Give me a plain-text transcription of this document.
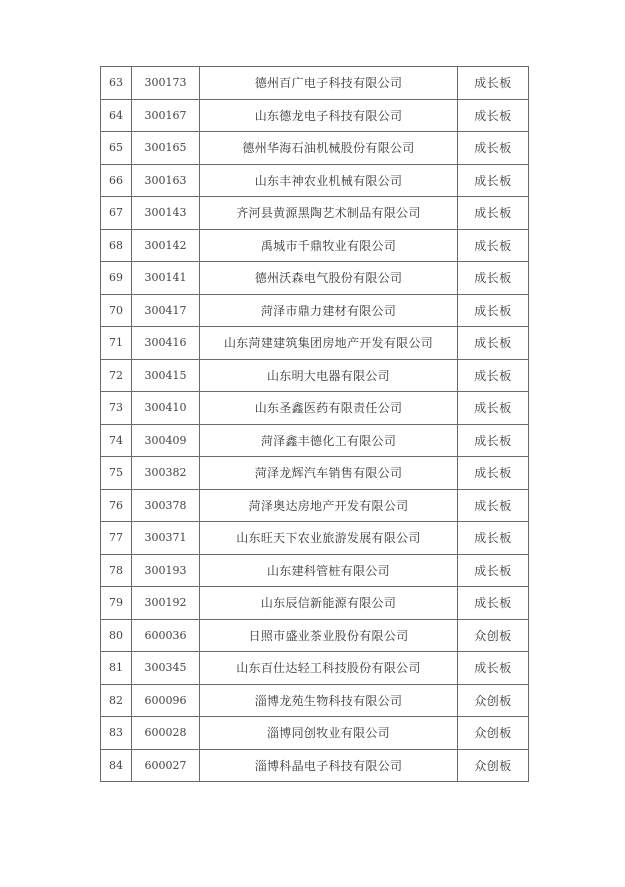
63	300173	德州百广电子科技有限公司	成长板
64	300167	山东德龙电子科技有限公司	成长板
65	300165	德州华海石油机械股份有限公司	成长板
66	300163	山东丰神农业机械有限公司	成长板
67	300143	齐河县黄源黑陶艺术制品有限公司	成长板
68	300142	禹城市千鼎牧业有限公司	成长板
69	300141	德州沃森电气股份有限公司	成长板
70	300417	菏泽市鼎力建材有限公司	成长板
71	300416	山东菏建建筑集团房地产开发有限公司	成长板
72	300415	山东明大电器有限公司	成长板
73	300410	山东圣鑫医药有限责任公司	成长板
74	300409	菏泽鑫丰德化工有限公司	成长板
75	300382	菏泽龙辉汽车销售有限公司	成长板
76	300378	菏泽奥达房地产开发有限公司	成长板
77	300371	山东旺天下农业旅游发展有限公司	成长板
78	300193	山东建科管桩有限公司	成长板
79	300192	山东辰信新能源有限公司	成长板
80	600036	日照市盛业茶业股份有限公司	众创板
81	300345	山东百仕达轻工科技股份有限公司	成长板
82	600096	淄博龙苑生物科技有限公司	众创板
83	600028	淄博同创牧业有限公司	众创板
84	600027	淄博科晶电子科技有限公司	众创板
